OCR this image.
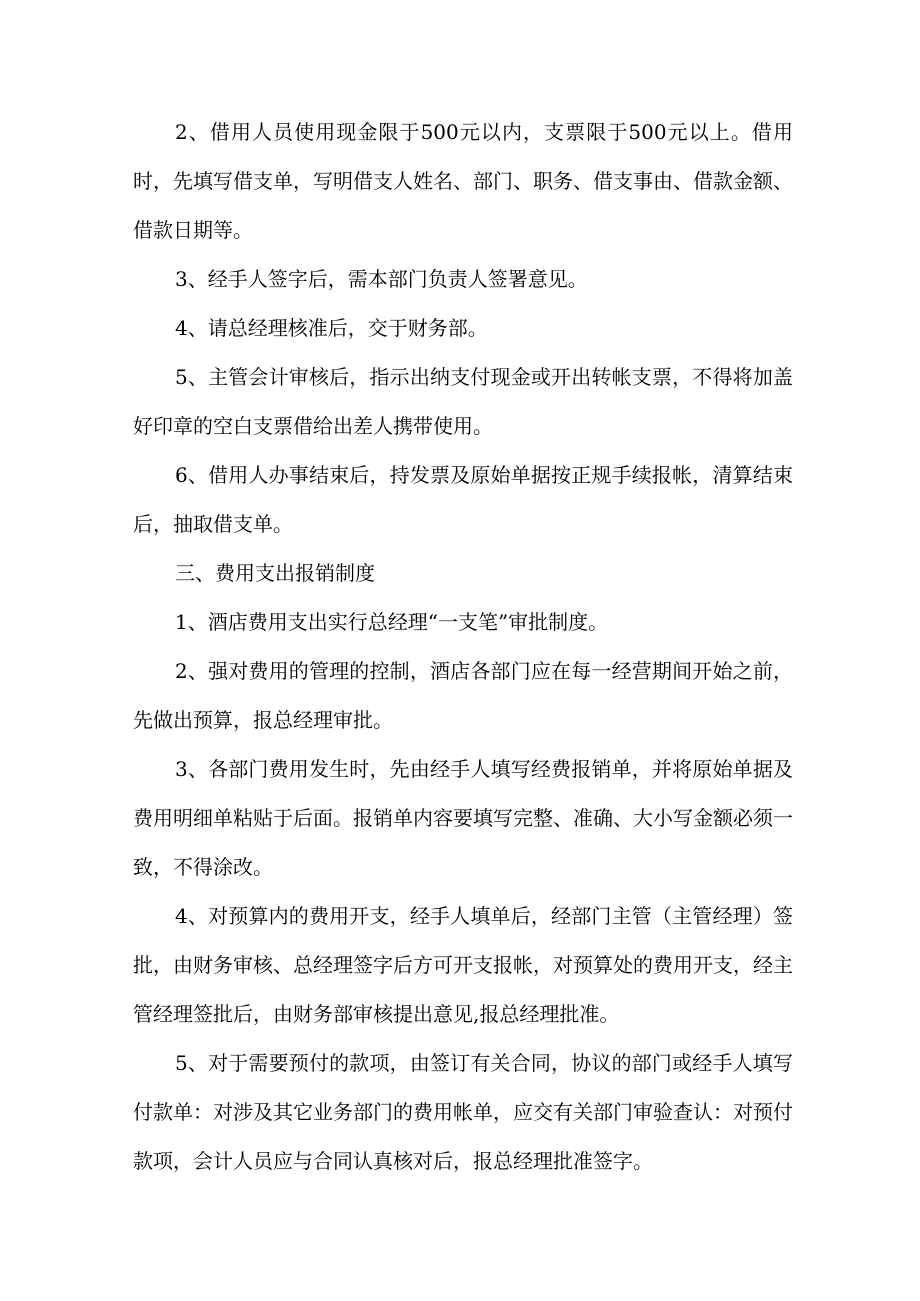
2、借用人员使用现金限于500元以内，支票限于500元以上。借用时，先填写借支单，写明借支人姓名、部门、职务、借支事由、借款金额、借款日期等。

3、经手人签字后，需本部门负责人签署意见。

4、请总经理核准后，交于财务部。

5、主管会计审核后，指示出纳支付现金或开出转帐支票，不得将加盖好印章的空白支票借给出差人携带使用。

6、借用人办事结束后，持发票及原始单据按正规手续报帐，清算结束后，抽取借支单。

三、费用支出报销制度

1、酒店费用支出实行总经理“一支笔”审批制度。

2、强对费用的管理的控制，酒店各部门应在每一经营期间开始之前，先做出预算，报总经理审批。

3、各部门费用发生时，先由经手人填写经费报销单，并将原始单据及费用明细单粘贴于后面。报销单内容要填写完整、准确、大小写金额必须一致，不得涂改。

4、对预算内的费用开支，经手人填单后，经部门主管（主管经理）签批，由财务审核、总经理签字后方可开支报帐，对预算处的费用开支，经主管经理签批后，由财务部审核提出意见,报总经理批准。

5、对于需要预付的款项，由签订有关合同，协议的部门或经手人填写付款单：对涉及其它业务部门的费用帐单，应交有关部门审验查认：对预付款项，会计人员应与合同认真核对后，报总经理批准签字。
